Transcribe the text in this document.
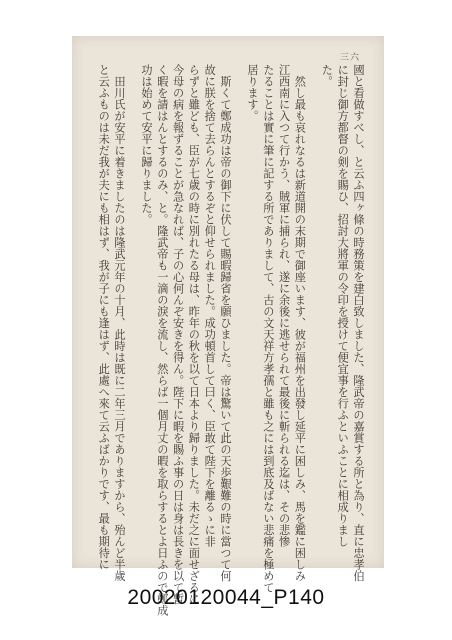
三六
國と看做すべし、と云ふ四ヶ條の時務策を建白致しました、隆武帝の嘉賞する所と為り、直に忠孝伯
に封じ御方都督の剣を賜ひ、招討大將軍の令印を授けて便宜事を行ふといふことに相成りまし
た。
　然し最も哀れなるは新道開の末期で御座います、彼が福州を出發し延平に困しみ、馬を鑑に困しみ
江西南に入つて行かう、賊軍に捕られ、遂に余後に逃せられて最後に斬られる迄は、その悲惨
たることは實に筆に記する所でありまして、古の文天祥方孝孺と雖も之には到底及ばない悲痛を極めて
居ります。
　斯くて鄭成功は帝の御下に伏して賜暇歸省を願ひました。帝は驚いて此の天歩艱難の時に當つて何
故に朕を捨て去らんとするぞと仰せられました。成功頓首して曰く、臣敢て陛下を離るゝに非
らずと雖ども、臣が七歳の時に別れたる母は、昨年の秋を以て日本より歸りました。未だ之に面せざるに
今母の病を報ずることが急なれば、子の心何んぞ安きを得ん。陛下に暇を賜ふ事の日は身は長きを以て暫
く暇を請はんとするのみ、と。隆武帝も一滴の淚を流し、然らば一個月丈の暇を取らするとよ日ふので鄭成
功は始めて安平に歸りました。
　田川氏が安平に着きましたのは隆武元年の十月、此時は既に二年三月でありますから、殆んど半歲
と云ふものは未だ我が夫にも相はず、我が子にも逢はず、此處へ來て云ふばかりです、最も期待に
20020120044_P140
